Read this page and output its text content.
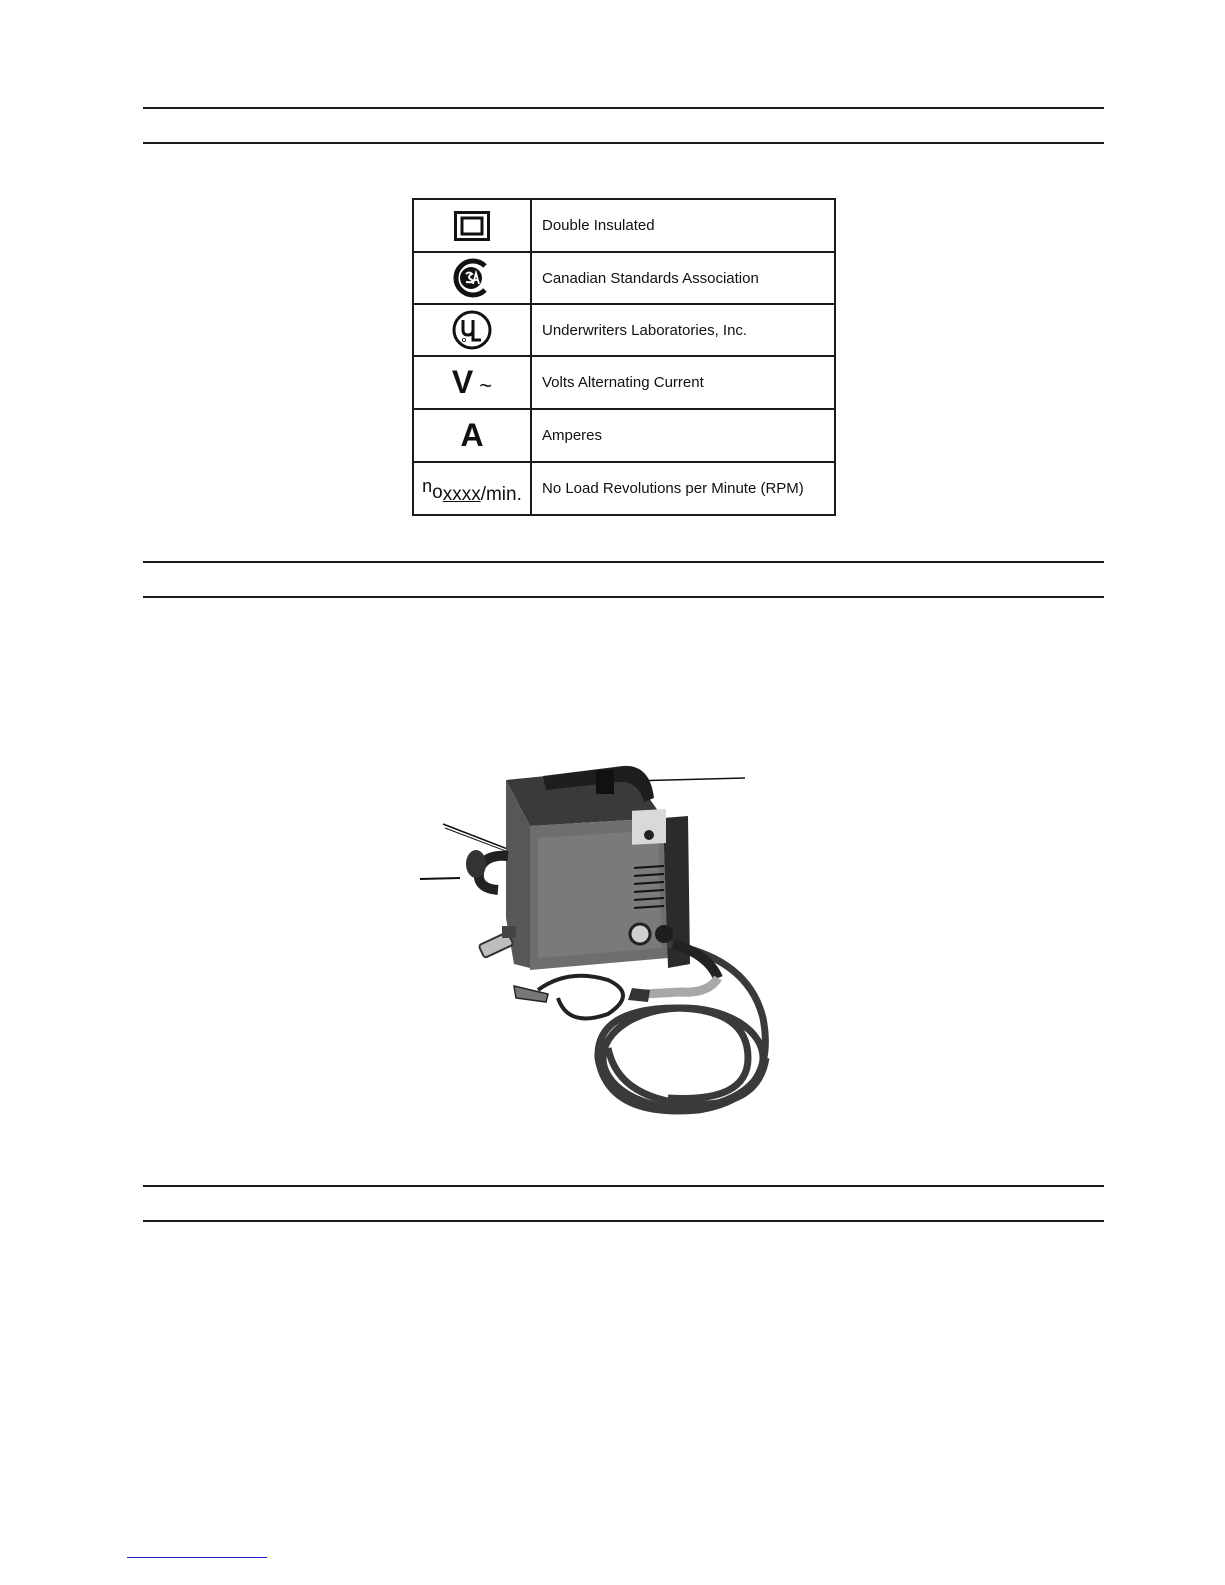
	Double Insulated

	Canadian Standards Association

	Underwriters Laboratories, Inc.

V ~	Volts Alternating Current
A	Amperes
noxxxx/min.	No Load Revolutions per Minute (RPM)
